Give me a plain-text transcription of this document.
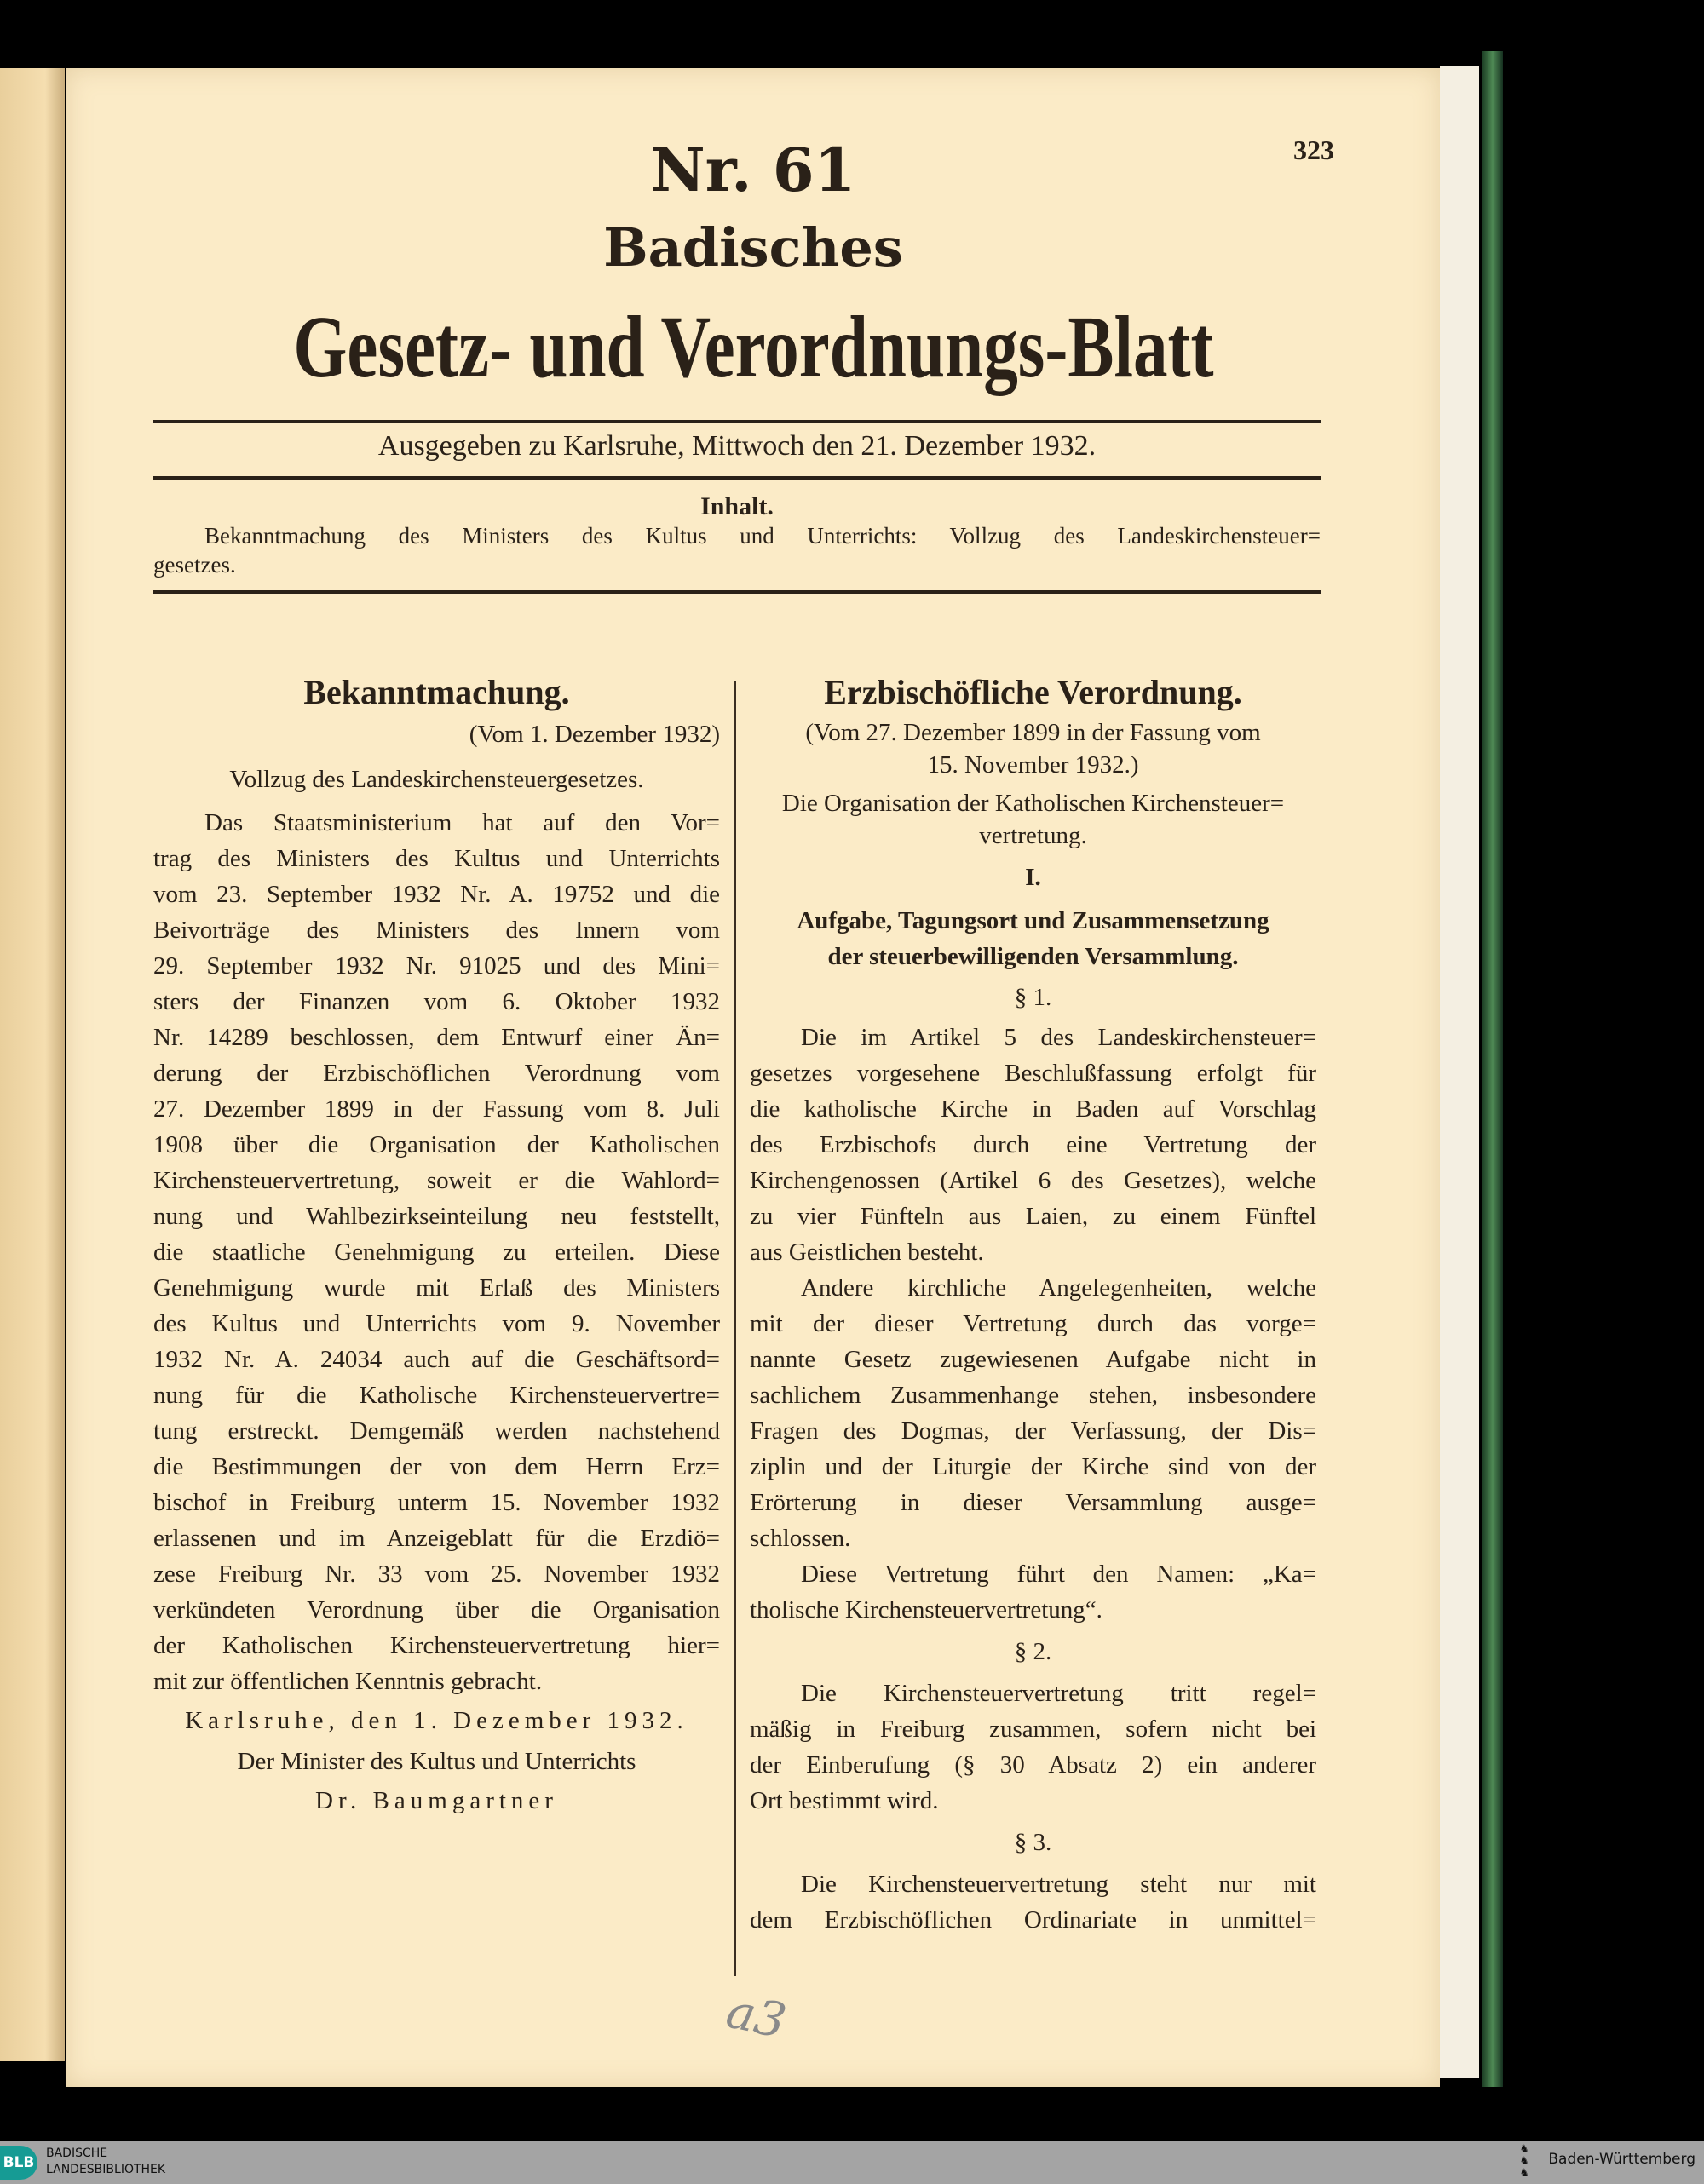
Nr. 61	323
Badisches
Gesetz- und Verordnungs-Blatt
Ausgegeben zu Karlsruhe, Mittwoch den 21. Dezember 1932.
Inhalt.
Bekanntmachung des Ministers des Kultus und Unterrichts: Vollzug des Landeskirchensteuer=
gesetzes.
Bekanntmachung.
(Vom 1. Dezember 1932)
Vollzug des Landeskirchensteuergesetzes.
Das Staatsministerium hat auf den Vor=
trag des Ministers des Kultus und Unterrichts
vom 23. September 1932 Nr. A. 19752 und die
Beivorträge des Ministers des Innern vom
29. September 1932 Nr. 91025 und des Mini=
sters der Finanzen vom 6. Oktober 1932
Nr. 14289 beschlossen, dem Entwurf einer Än=
derung der Erzbischöflichen Verordnung vom
27. Dezember 1899 in der Fassung vom 8. Juli
1908 über die Organisation der Katholischen
Kirchensteuervertretung, soweit er die Wahlord=
nung und Wahlbezirkseinteilung neu feststellt,
die staatliche Genehmigung zu erteilen. Diese
Genehmigung wurde mit Erlaß des Ministers
des Kultus und Unterrichts vom 9. November
1932 Nr. A. 24034 auch auf die Geschäftsord=
nung für die Katholische Kirchensteuervertre=
tung erstreckt. Demgemäß werden nachstehend
die Bestimmungen der von dem Herrn Erz=
bischof in Freiburg unterm 15. November 1932
erlassenen und im Anzeigeblatt für die Erzdiö=
zese Freiburg Nr. 33 vom 25. November 1932
verkündeten Verordnung über die Organisation
der Katholischen Kirchensteuervertretung hier=
mit zur öffentlichen Kenntnis gebracht.
Karlsruhe, den 1. Dezember 1932.
Der Minister des Kultus und Unterrichts
Dr. Baumgartner
Erzbischöfliche Verordnung.
(Vom 27. Dezember 1899 in der Fassung vom
15. November 1932.)
Die Organisation der Katholischen Kirchensteuer=
vertretung.
I.
Aufgabe, Tagungsort und Zusammensetzung
der steuerbewilligenden Versammlung.
§ 1.
Die im Artikel 5 des Landeskirchensteuer=
gesetzes vorgesehene Beschlußfassung erfolgt für
die katholische Kirche in Baden auf Vorschlag
des Erzbischofs durch eine Vertretung der
Kirchengenossen (Artikel 6 des Gesetzes), welche
zu vier Fünfteln aus Laien, zu einem Fünftel
aus Geistlichen besteht.
Andere kirchliche Angelegenheiten, welche
mit der dieser Vertretung durch das vorge=
nannte Gesetz zugewiesenen Aufgabe nicht in
sachlichem Zusammenhange stehen, insbesondere
Fragen des Dogmas, der Verfassung, der Dis=
ziplin und der Liturgie der Kirche sind von der
Erörterung in dieser Versammlung ausge=
schlossen.
Diese Vertretung führt den Namen: „Ka=
tholische Kirchensteuervertretung“.
§ 2.
Die Kirchensteuervertretung tritt regel=
mäßig in Freiburg zusammen, sofern nicht bei
der Einberufung (§ 30 Absatz 2) ein anderer
Ort bestimmt wird.
§ 3.
Die Kirchensteuervertretung steht nur mit
dem Erzbischöflichen Ordinariate in unmittel=
a3
BLB
BADISCHE
LANDESBIBLIOTHEK
♞
♞
♞
Baden-Württemberg
